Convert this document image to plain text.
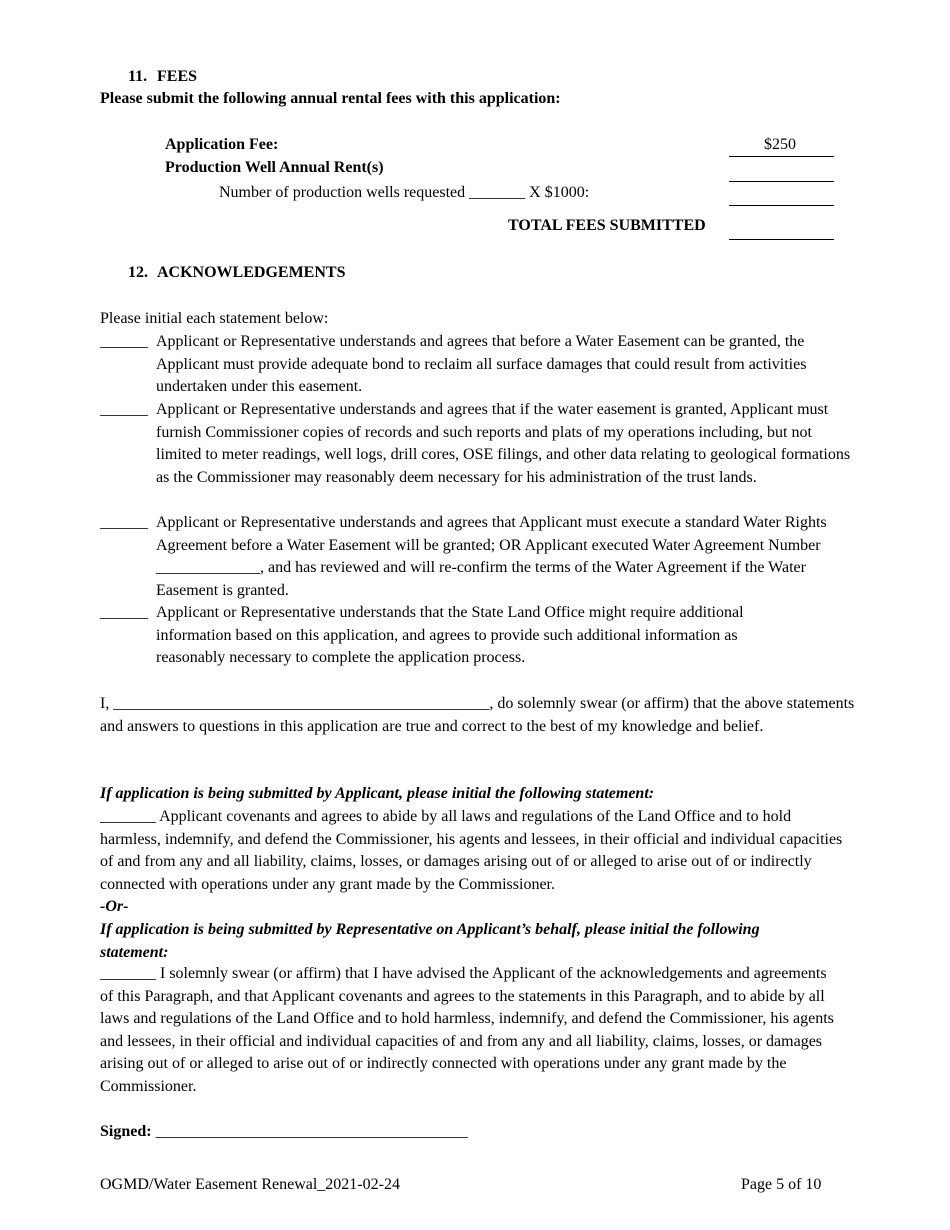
11. FEES
Please submit the following annual rental fees with this application:
Application Fee:	$250
Production Well Annual Rent(s)
Number of production wells requested _______ X $1000:
TOTAL FEES SUBMITTED
12. ACKNOWLEDGEMENTS
Please initial each statement below:
______ Applicant or Representative understands and agrees that before a Water Easement can be granted, the Applicant must provide adequate bond to reclaim all surface damages that could result from activities undertaken under this easement.
______ Applicant or Representative understands and agrees that if the water easement is granted, Applicant must furnish Commissioner copies of records and such reports and plats of my operations including, but not limited to meter readings, well logs, drill cores, OSE filings, and other data relating to geological formations as the Commissioner may reasonably deem necessary for his administration of the trust lands.
______ Applicant or Representative understands and agrees that Applicant must execute a standard Water Rights Agreement before a Water Easement will be granted; OR Applicant executed Water Agreement Number _____________, and has reviewed and will re-confirm the terms of the Water Agreement if the Water Easement is granted.
______ Applicant or Representative understands that the State Land Office might require additional information based on this application, and agrees to provide such additional information as reasonably necessary to complete the application process.
I, _______________________________________________, do solemnly swear (or affirm) that the above statements and answers to questions in this application are true and correct to the best of my knowledge and belief.
If application is being submitted by Applicant, please initial the following statement:
_______ Applicant covenants and agrees to abide by all laws and regulations of the Land Office and to hold harmless, indemnify, and defend the Commissioner, his agents and lessees, in their official and individual capacities of and from any and all liability, claims, losses, or damages arising out of or alleged to arise out of or indirectly connected with operations under any grant made by the Commissioner.
-Or-
If application is being submitted by Representative on Applicant’s behalf, please initial the following statement:
_______ I solemnly swear (or affirm) that I have advised the Applicant of the acknowledgements and agreements of this Paragraph, and that Applicant covenants and agrees to the statements in this Paragraph, and to abide by all laws and regulations of the Land Office and to hold harmless, indemnify, and defend the Commissioner, his agents and lessees, in their official and individual capacities of and from any and all liability, claims, losses, or damages arising out of or alleged to arise out of or indirectly connected with operations under any grant made by the Commissioner.
Signed: _______________________________________
OGMD/Water Easement Renewal_2021-02-24	Page 5 of 10
